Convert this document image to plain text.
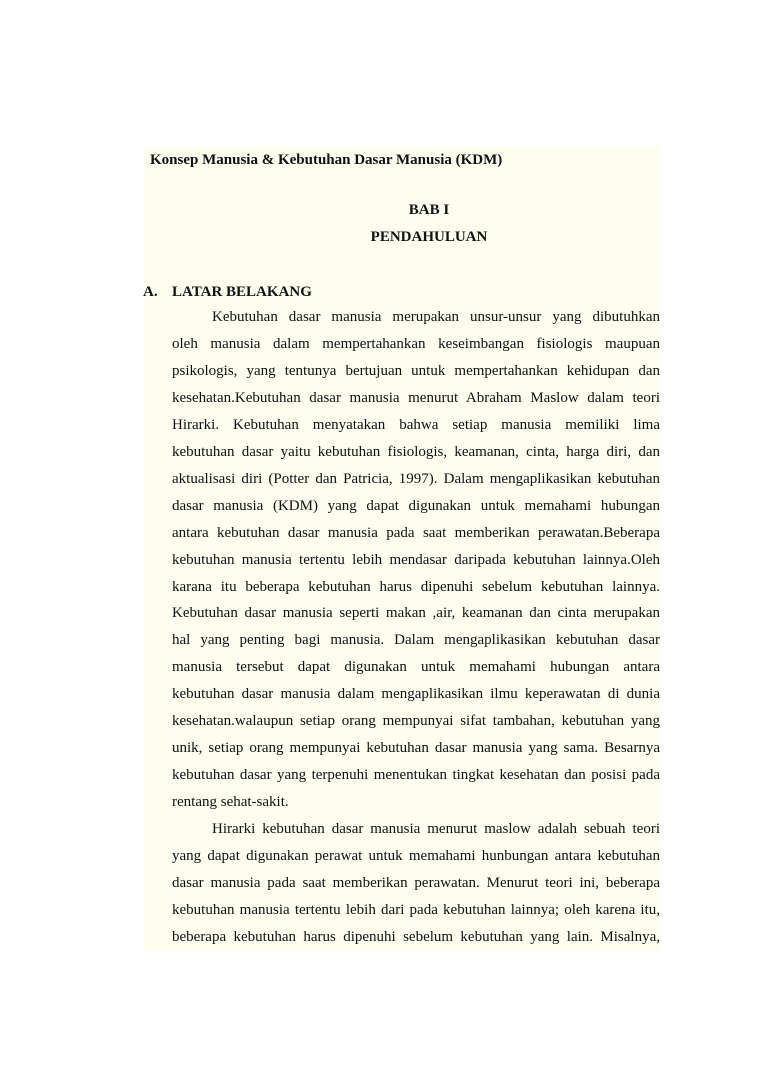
Konsep Manusia & Kebutuhan Dasar Manusia (KDM)
BAB I
PENDAHULUAN
A. LATAR BELAKANG
Kebutuhan dasar manusia merupakan unsur-unsur yang dibutuhkan
oleh manusia dalam mempertahankan keseimbangan fisiologis maupuan
psikologis, yang tentunya bertujuan untuk mempertahankan kehidupan dan
kesehatan.Kebutuhan dasar manusia menurut Abraham Maslow dalam teori
Hirarki. Kebutuhan menyatakan bahwa setiap manusia memiliki lima
kebutuhan dasar yaitu kebutuhan fisiologis, keamanan, cinta, harga diri, dan
aktualisasi diri (Potter dan Patricia, 1997). Dalam mengaplikasikan kebutuhan
dasar manusia (KDM) yang dapat digunakan untuk memahami hubungan
antara kebutuhan dasar manusia pada saat memberikan perawatan.Beberapa
kebutuhan manusia tertentu lebih mendasar daripada kebutuhan lainnya.Oleh
karana itu beberapa kebutuhan harus dipenuhi sebelum kebutuhan lainnya.
Kebutuhan dasar manusia seperti makan ,air, keamanan dan cinta merupakan
hal yang penting bagi manusia. Dalam mengaplikasikan kebutuhan dasar
manusia tersebut dapat digunakan untuk memahami hubungan antara
kebutuhan dasar manusia dalam mengaplikasikan ilmu keperawatan di dunia
kesehatan.walaupun setiap orang mempunyai sifat tambahan, kebutuhan yang
unik, setiap orang mempunyai kebutuhan dasar manusia yang sama. Besarnya
kebutuhan dasar yang terpenuhi menentukan tingkat kesehatan dan posisi pada
rentang sehat-sakit.
Hirarki kebutuhan dasar manusia menurut maslow adalah sebuah teori
yang dapat digunakan perawat untuk memahami hunbungan antara kebutuhan
dasar manusia pada saat memberikan perawatan. Menurut teori ini, beberapa
kebutuhan manusia tertentu lebih dari pada kebutuhan lainnya; oleh karena itu,
beberapa kebutuhan harus dipenuhi sebelum kebutuhan yang lain. Misalnya,
